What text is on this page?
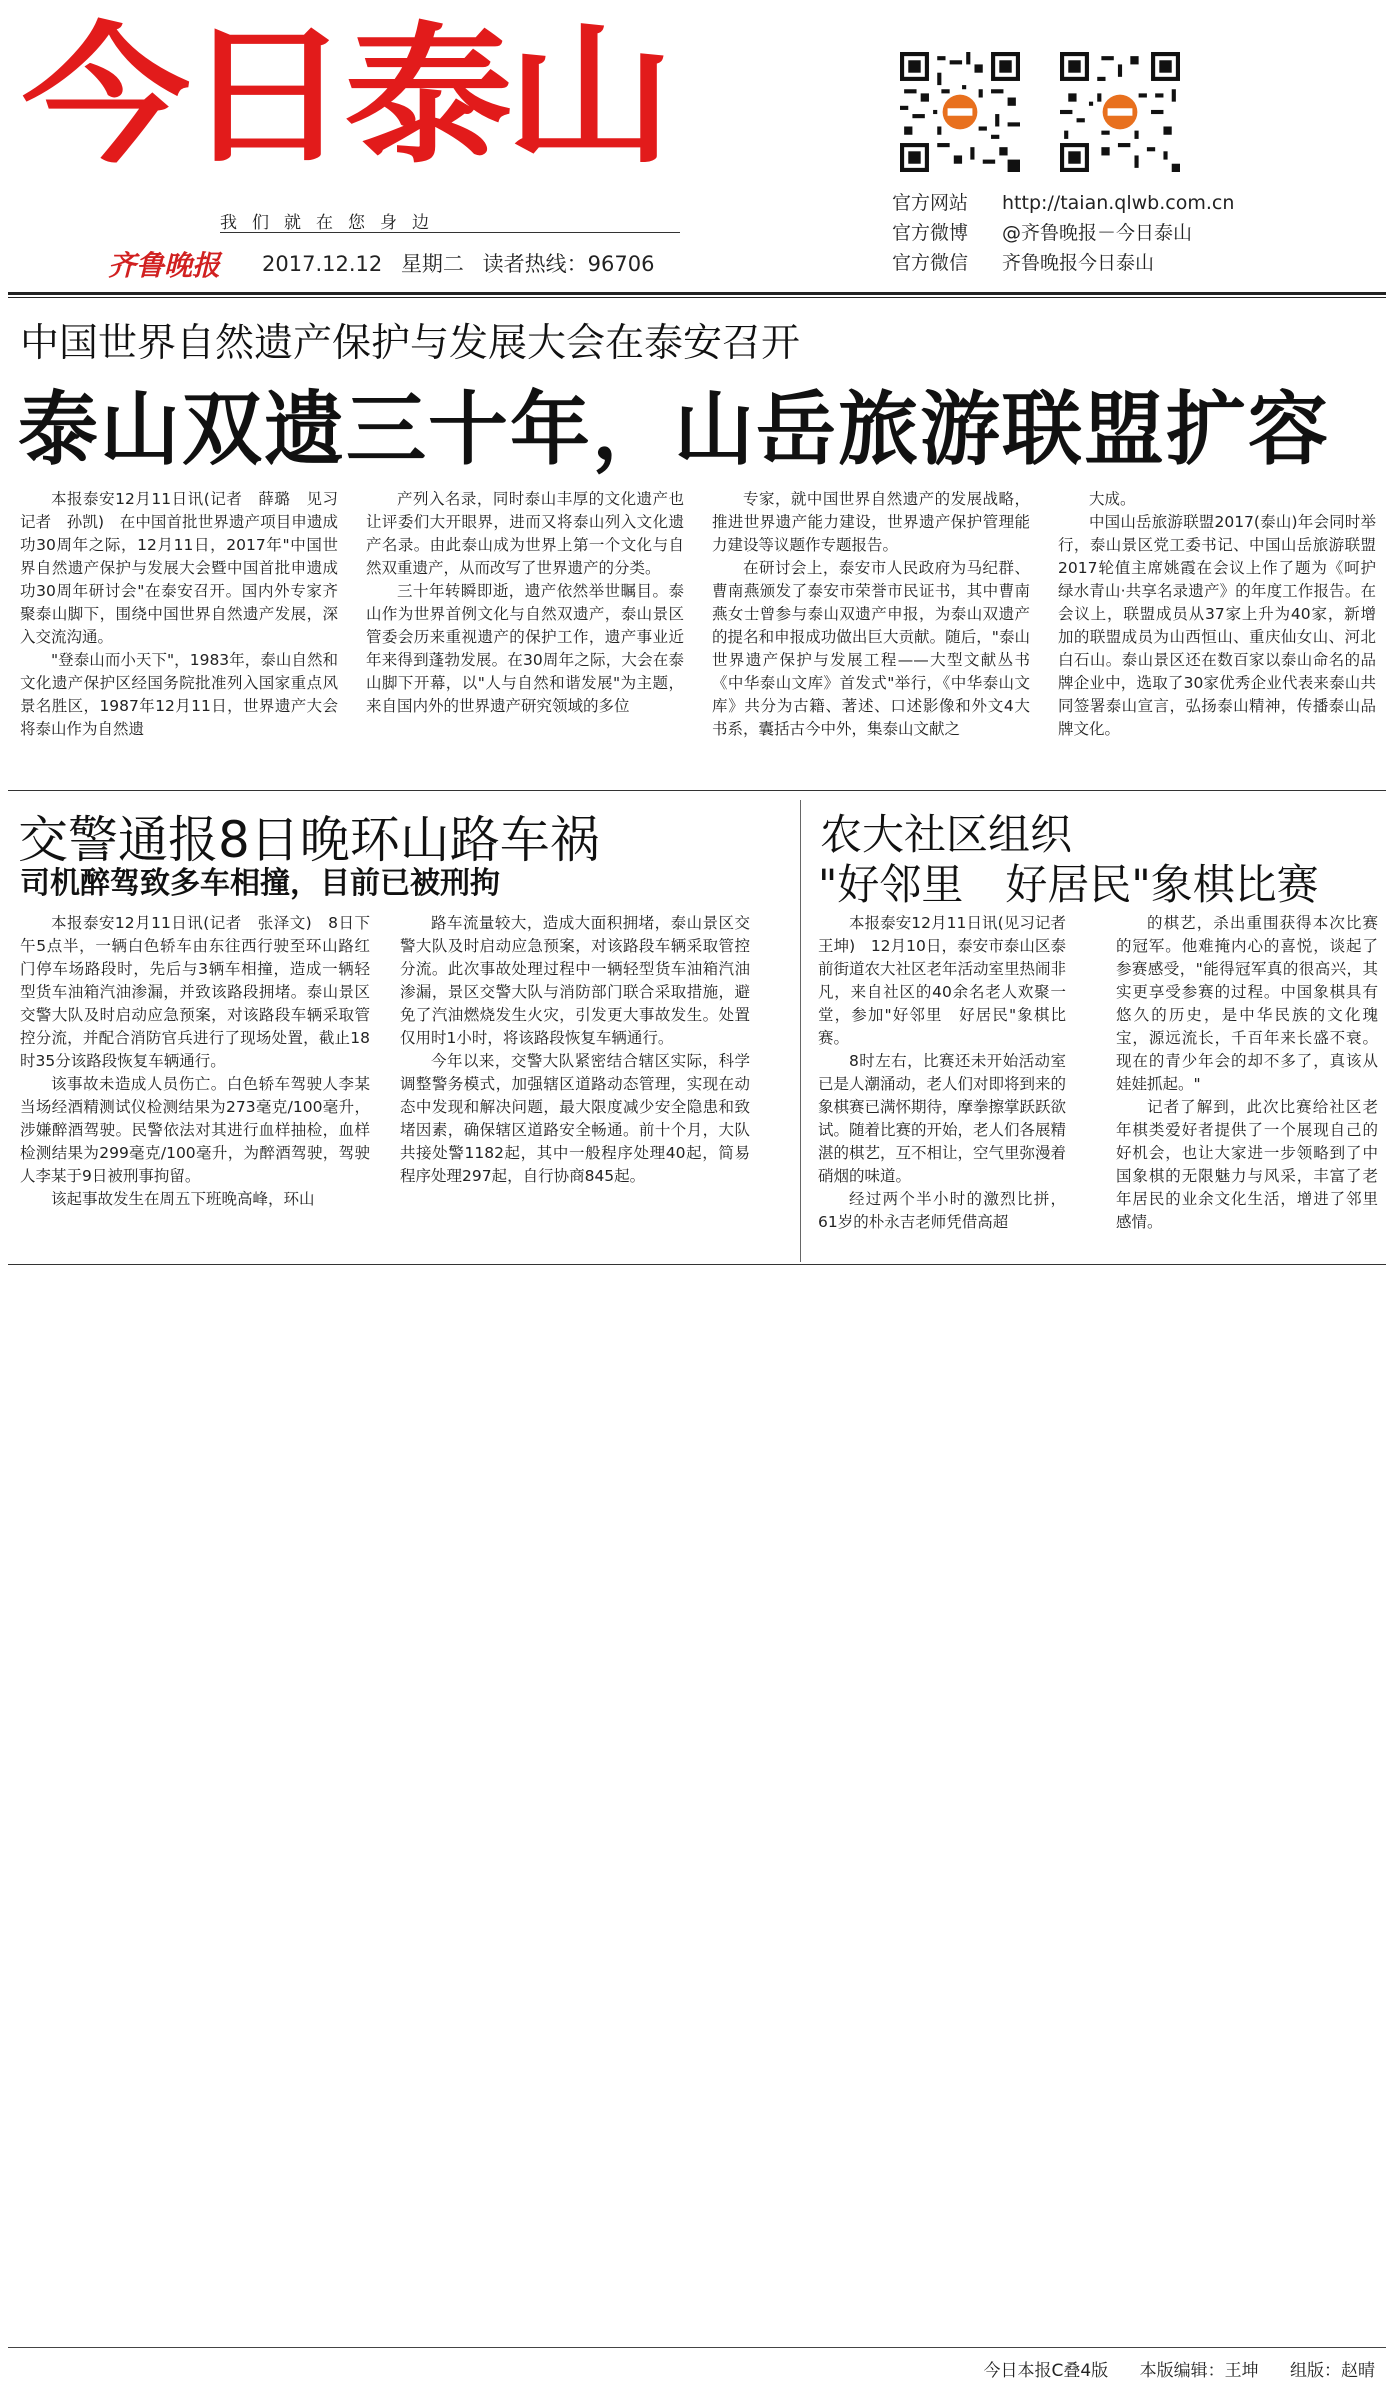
今日泰山
我们就在您身边
齐鲁晚报 2017.12.12 星期二 读者热线：96706
官方网站 http://taian.qlwb.com.cn
官方微博 @齐鲁晚报－今日泰山
官方微信 齐鲁晚报今日泰山
中国世界自然遗产保护与发展大会在泰安召开
泰山双遗三十年，山岳旅游联盟扩容

本报泰安12月11日讯(记者　薛璐　见习记者　孙凯)　在中国首批世界遗产项目申遗成功30周年之际，12月11日，2017年"中国世界自然遗产保护与发展大会暨中国首批申遗成功30周年研讨会"在泰安召开。国内外专家齐聚泰山脚下，围绕中国世界自然遗产发展，深入交流沟通。

"登泰山而小天下"，1983年，泰山自然和文化遗产保护区经国务院批准列入国家重点风景名胜区，1987年12月11日，世界遗产大会将泰山作为自然遗

产列入名录，同时泰山丰厚的文化遗产也让评委们大开眼界，进而又将泰山列入文化遗产名录。由此泰山成为世界上第一个文化与自然双重遗产，从而改写了世界遗产的分类。

三十年转瞬即逝，遗产依然举世瞩目。泰山作为世界首例文化与自然双遗产，泰山景区管委会历来重视遗产的保护工作，遗产事业近年来得到蓬勃发展。在30周年之际，大会在泰山脚下开幕，以"人与自然和谐发展"为主题，来自国内外的世界遗产研究领域的多位

专家，就中国世界自然遗产的发展战略，推进世界遗产能力建设，世界遗产保护管理能力建设等议题作专题报告。

在研讨会上，泰安市人民政府为马纪群、曹南燕颁发了泰安市荣誉市民证书，其中曹南燕女士曾参与泰山双遗产申报，为泰山双遗产的提名和申报成功做出巨大贡献。随后，"泰山世界遗产保护与发展工程——大型文献丛书《中华泰山文库》首发式"举行，《中华泰山文库》共分为古籍、著述、口述影像和外文4大书系，囊括古今中外，集泰山文献之

大成。

中国山岳旅游联盟2017(泰山)年会同时举行，泰山景区党工委书记、中国山岳旅游联盟2017轮值主席姚霞在会议上作了题为《呵护绿水青山·共享名录遗产》的年度工作报告。在会议上，联盟成员从37家上升为40家，新增加的联盟成员为山西恒山、重庆仙女山、河北白石山。泰山景区还在数百家以泰山命名的品牌企业中，选取了30家优秀企业代表来泰山共同签署泰山宣言，弘扬泰山精神，传播泰山品牌文化。

交警通报8日晚环山路车祸
司机醉驾致多车相撞，目前已被刑拘

本报泰安12月11日讯(记者　张泽文)　8日下午5点半，一辆白色轿车由东往西行驶至环山路红门停车场路段时，先后与3辆车相撞，造成一辆轻型货车油箱汽油渗漏，并致该路段拥堵。泰山景区交警大队及时启动应急预案，对该路段车辆采取管控分流，并配合消防官兵进行了现场处置，截止18时35分该路段恢复车辆通行。

该事故未造成人员伤亡。白色轿车驾驶人李某当场经酒精测试仪检测结果为273毫克/100毫升，涉嫌醉酒驾驶。民警依法对其进行血样抽检，血样检测结果为299毫克/100毫升，为醉酒驾驶，驾驶人李某于9日被刑事拘留。

该起事故发生在周五下班晚高峰，环山

路车流量较大，造成大面积拥堵，泰山景区交警大队及时启动应急预案，对该路段车辆采取管控分流。此次事故处理过程中一辆轻型货车油箱汽油渗漏，景区交警大队与消防部门联合采取措施，避免了汽油燃烧发生火灾，引发更大事故发生。处置仅用时1小时，将该路段恢复车辆通行。

今年以来，交警大队紧密结合辖区实际，科学调整警务模式，加强辖区道路动态管理，实现在动态中发现和解决问题，最大限度减少安全隐患和致堵因素，确保辖区道路安全畅通。前十个月，大队共接处警1182起，其中一般程序处理40起，简易程序处理297起，自行协商845起。

农大社区组织
"好邻里　好居民"象棋比赛

本报泰安12月11日讯(见习记者　王坤)　12月10日，泰安市泰山区泰前街道农大社区老年活动室里热闹非凡，来自社区的40余名老人欢聚一堂，参加"好邻里　好居民"象棋比赛。

8时左右，比赛还未开始活动室已是人潮涌动，老人们对即将到来的象棋赛已满怀期待，摩拳擦掌跃跃欲试。随着比赛的开始，老人们各展精湛的棋艺，互不相让，空气里弥漫着硝烟的味道。

经过两个半小时的激烈比拼，61岁的朴永吉老师凭借高超

的棋艺，杀出重围获得本次比赛的冠军。他难掩内心的喜悦，谈起了参赛感受，"能得冠军真的很高兴，其实更享受参赛的过程。中国象棋具有悠久的历史，是中华民族的文化瑰宝，源远流长，千百年来长盛不衰。现在的青少年会的却不多了，真该从娃娃抓起。"

记者了解到，此次比赛给社区老年棋类爱好者提供了一个展现自己的好机会，也让大家进一步领略到了中国象棋的无限魅力与风采，丰富了老年居民的业余文化生活，增进了邻里感情。

今日本报C叠4版 本版编辑：王坤 组版：赵晴
